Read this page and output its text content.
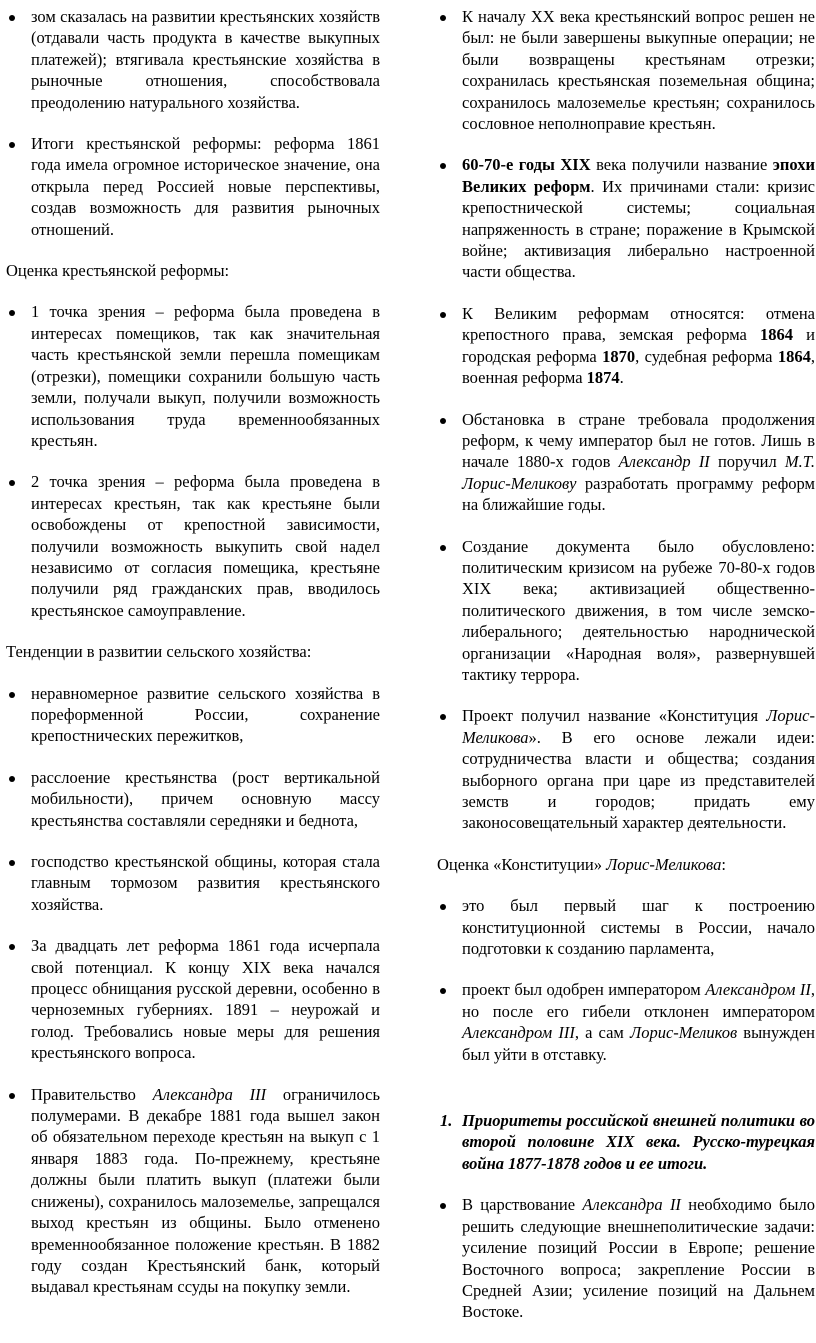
зом сказалась на развитии крестьянских хозяйств (отдавали часть продукта в качестве выкупных платежей); втягивала крестьянские хозяйства в рыночные отношения, способствовала преодолению натурального хозяйства.

Итоги крестьянской реформы: реформа 1861 года имела огромное историческое значение, она открыла перед Россией новые перспективы, создав возможность для развития рыночных отношений.

Оценка крестьянской реформы:

1 точка зрения – реформа была проведена в интересах помещиков, так как значительная часть крестьянской земли перешла помещикам (отрезки), помещики сохранили большую часть земли, получали выкуп, получили возможность использования труда временнообязанных крестьян.

2 точка зрения – реформа была проведена в интересах крестьян, так как крестьяне были освобождены от крепостной зависимости, получили возможность выкупить свой надел независимо от согласия помещика, крестьяне получили ряд гражданских прав, вводилось крестьянское самоуправление.

Тенденции в развитии сельского хозяйства:

неравномерное развитие сельского хозяйства в пореформенной России, сохранение крепостнических пережитков,

расслоение крестьянства (рост вертикальной мобильности), причем основную массу крестьянства составляли середняки и беднота,

господство крестьянской общины, которая стала главным тормозом развития крестьянского хозяйства.

За двадцать лет реформа 1861 года исчерпала свой потенциал. К концу XIX века начался процесс обнищания русской деревни, особенно в черноземных губерниях. 1891 – неурожай и голод. Требовались новые меры для решения крестьянского вопроса.

Правительство Александра III ограничилось полумерами. В декабре 1881 года вышел закон об обязательном переходе крестьян на выкуп с 1 января 1883 года. По-прежнему, крестьяне должны были платить выкуп (платежи были снижены), сохранилось малоземелье, запрещался выход крестьян из общины. Было отменено временнообязанное положение крестьян. В 1882 году создан Крестьянский банк, который выдавал крестьянам ссуды на покупку земли.

К началу XX века крестьянский вопрос решен не был: не были завершены выкупные операции; не были возвращены крестьянам отрезки; сохранилась крестьянская поземельная община; сохранилось малоземелье крестьян; сохранилось сословное неполноправие крестьян.

60-70-е годы XIX века получили название эпохи Великих реформ. Их причинами стали: кризис крепостнической системы; социальная напряженность в стране; поражение в Крымской войне; активизация либерально настроенной части общества.

К Великим реформам относятся: отмена крепостного права, земская реформа 1864 и городская реформа 1870, судебная реформа 1864, военная реформа 1874.

Обстановка в стране требовала продолжения реформ, к чему император был не готов. Лишь в начале 1880-х годов Александр II поручил М.Т. Лорис-Меликову разработать программу реформ на ближайшие годы.

Создание документа было обусловлено: политическим кризисом на рубеже 70-80-х годов XIX века; активизацией общественно-политического движения, в том числе земско-либерального; деятельностью народнической организации «Народная воля», развернувшей тактику террора.

Проект получил название «Конституция Лорис-Меликова». В его основе лежали идеи: сотрудничества власти и общества; создания выборного органа при царе из представителей земств и городов; придать ему законосовещательный характер деятельности.

Оценка «Конституции» Лорис-Меликова:

это был первый шаг к построению конституционной системы в России, начало подготовки к созданию парламента,

проект был одобрен императором Александром II, но после его гибели отклонен императором Александром III, а сам Лорис-Меликов вынужден был уйти в отставку.

1. Приоритеты российской внешней политики во второй половине XIX века. Русско-турецкая война 1877-1878 годов и ее итоги.

В царствование Александра II необходимо было решить следующие внешнеполитические задачи: усиление позиций России в Европе; решение Восточного вопроса; закрепление России в Средней Азии; усиление позиций на Дальнем Востоке.
